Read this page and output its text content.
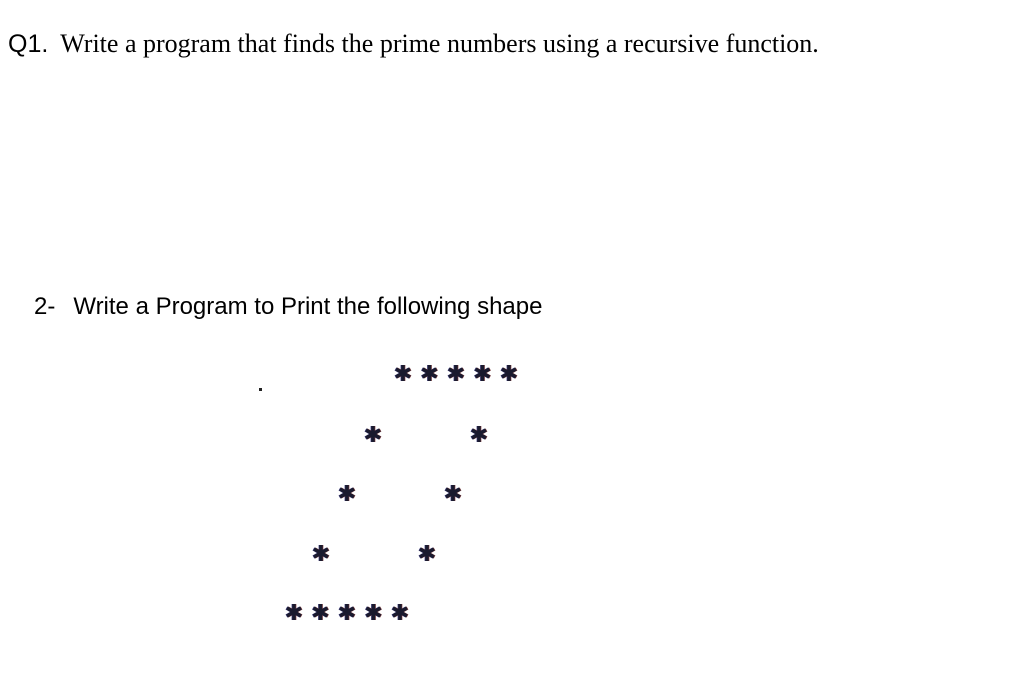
Q1. Write a program that finds the prime numbers using a recursive function.
2- Write a Program to Print the following shape
✱ ✱ ✱ ✱ ✱
✱	✱
✱	✱
✱	✱
✱ ✱ ✱ ✱ ✱
